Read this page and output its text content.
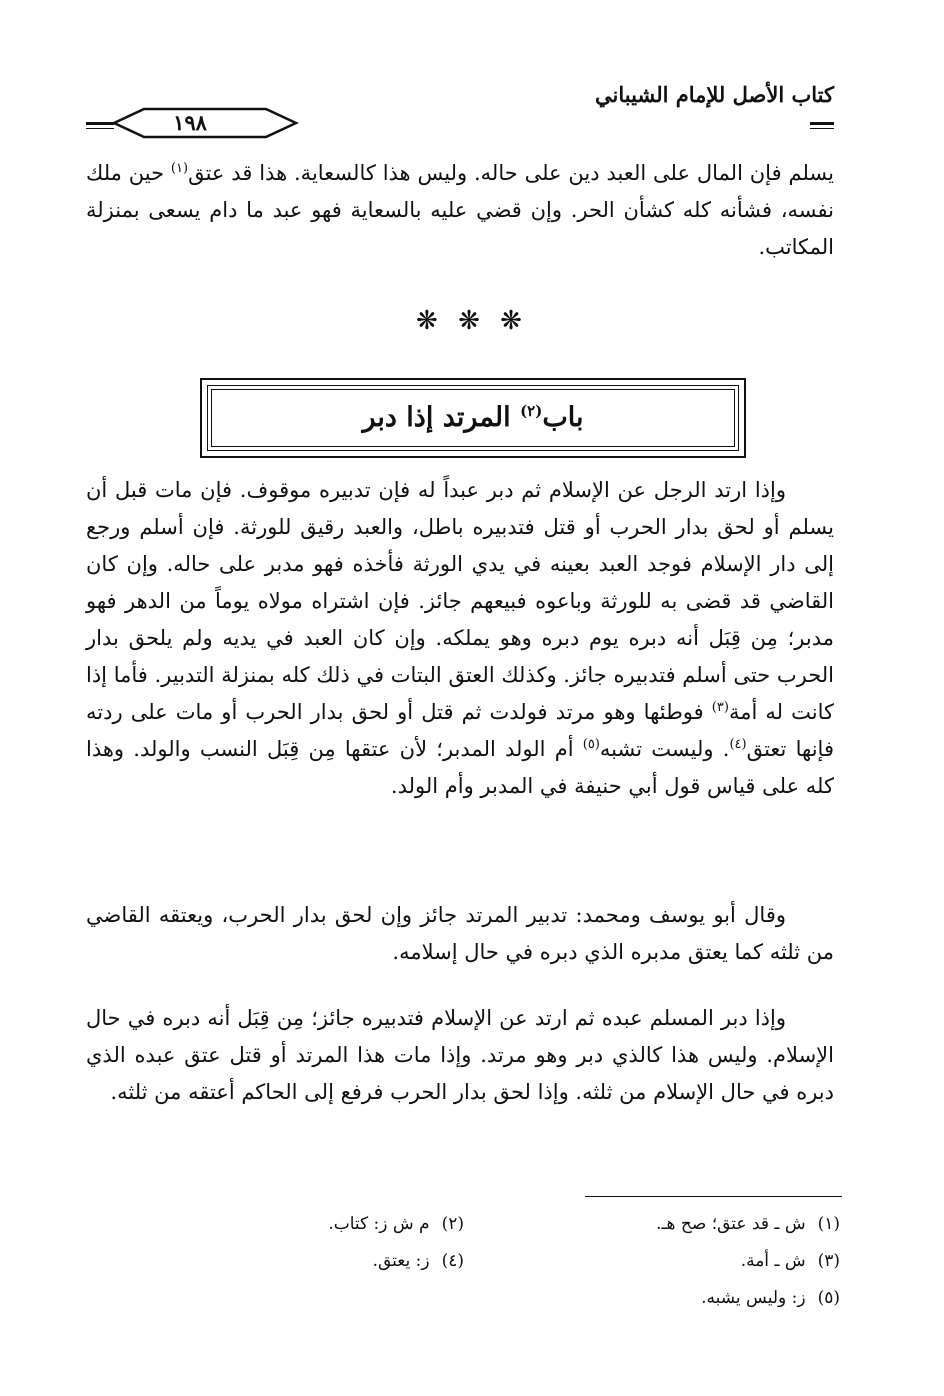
كتاب الأصل للإمام الشيباني
١٩٨

يسلم فإن المال على العبد دين على حاله. وليس هذا كالسعاية. هذا قد عتق$^{(١)}$ حين ملك نفسه، فشأنه كله كشأن الحر. وإن قضي عليه بالسعاية فهو عبد ما دام يسعى بمنزلة المكاتب.

❋ ❋ ❋
باب$^{(٢)}$ المرتد إذا دبر

وإذا ارتد الرجل عن الإسلام ثم دبر عبداً له فإن تدبيره موقوف. فإن مات قبل أن يسلم أو لحق بدار الحرب أو قتل فتدبيره باطل، والعبد رقيق للورثة. فإن أسلم ورجع إلى دار الإسلام فوجد العبد بعينه في يدي الورثة فأخذه فهو مدبر على حاله. وإن كان القاضي قد قضى به للورثة وباعوه فبيعهم جائز. فإن اشتراه مولاه يوماً من الدهر فهو مدبر؛ مِن قِبَل أنه دبره يوم دبره وهو يملكه. وإن كان العبد في يديه ولم يلحق بدار الحرب حتى أسلم فتدبيره جائز. وكذلك العتق البتات في ذلك كله بمنزلة التدبير. فأما إذا كانت له أمة$^{(٣)}$ فوطئها وهو مرتد فولدت ثم قتل أو لحق بدار الحرب أو مات على ردته فإنها تعتق$^{(٤)}$. وليست تشبه$^{(٥)}$ أم الولد المدبر؛ لأن عتقها مِن قِبَل النسب والولد. وهذا كله على قياس قول أبي حنيفة في المدبر وأم الولد.

وقال أبو يوسف ومحمد: تدبير المرتد جائز وإن لحق بدار الحرب، ويعتقه القاضي من ثلثه كما يعتق مدبره الذي دبره في حال إسلامه.

وإذا دبر المسلم عبده ثم ارتد عن الإسلام فتدبيره جائز؛ مِن قِبَل أنه دبره في حال الإسلام. وليس هذا كالذي دبر وهو مرتد. وإذا مات هذا المرتد أو قتل عتق عبده الذي دبره في حال الإسلام من ثلثه. وإذا لحق بدار الحرب فرفع إلى الحاكم أعتقه من ثلثه.

(١)ش ـ قد عتق؛ صح هـ.
(٢)م ش ز: كتاب.
(٣)ش ـ أمة.
(٤)ز: يعتق.
(٥)ز: وليس يشبه.
